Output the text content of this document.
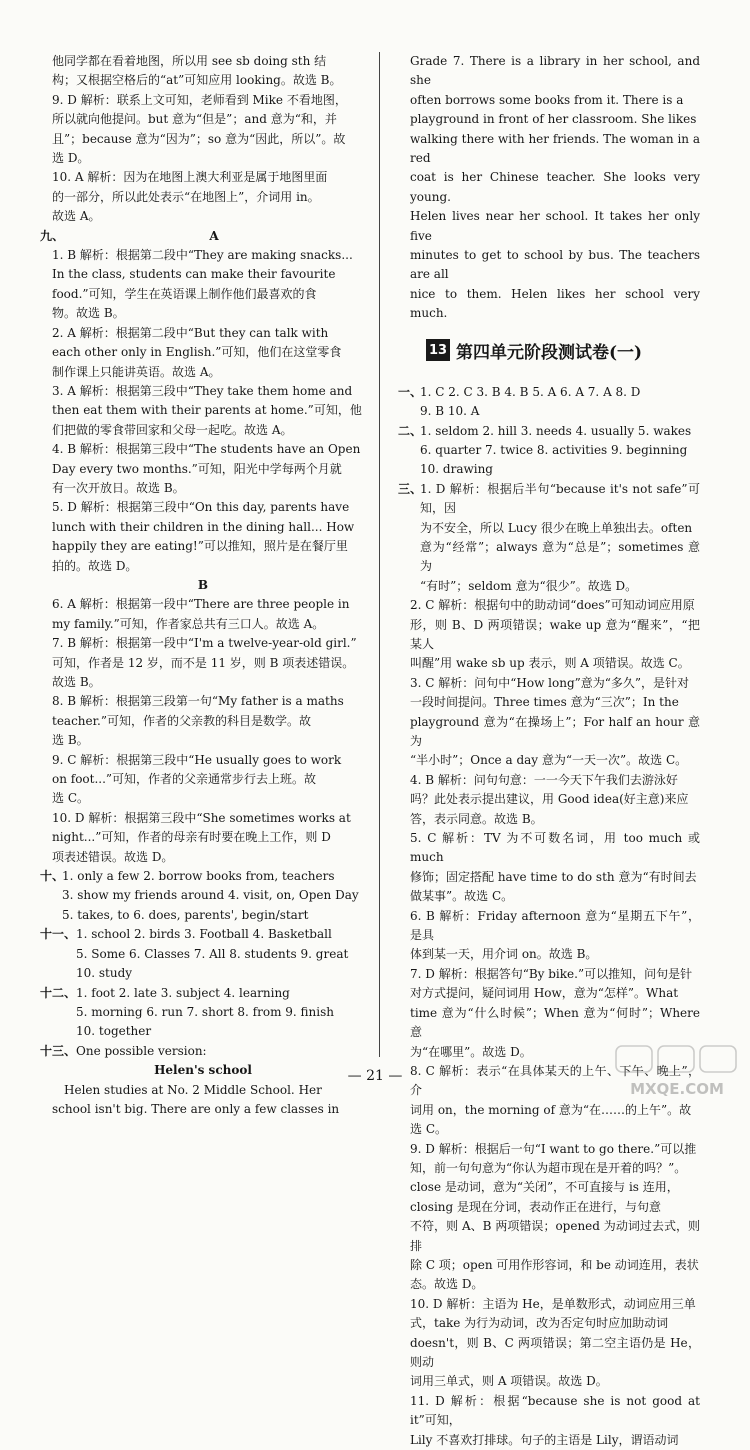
他同学都在看着地图，所以用 see sb doing sth 结

构；又根据空格后的“at”可知应用 looking。故选 B。

9. D 解析：联系上文可知，老师看到 Mike 不看地图，

所以就向他提问。but 意为“但是”；and 意为“和，并

且”；because 意为“因为”；so 意为“因此，所以”。故

选 D。

10. A 解析：因为在地图上澳大利亚是属于地图里面

的一部分，所以此处表示“在地图上”，介词用 in。

故选 A。

九、	A

1. B 解析：根据第二段中“They are making snacks...

In the class, students can make their favourite

food.”可知，学生在英语课上制作他们最喜欢的食

物。故选 B。

2. A 解析：根据第二段中“But they can talk with

each other only in English.”可知，他们在这堂零食

制作课上只能讲英语。故选 A。

3. A 解析：根据第三段中“They take them home and

then eat them with their parents at home.”可知，他

们把做的零食带回家和父母一起吃。故选 A。

4. B 解析：根据第三段中“The students have an Open

Day every two months.”可知，阳光中学每两个月就

有一次开放日。故选 B。

5. D 解析：根据第三段中“On this day, parents have

lunch with their children in the dining hall... How

happily they are eating!”可以推知，照片是在餐厅里

拍的。故选 D。

B

6. A 解析：根据第一段中“There are three people in

my family.”可知，作者家总共有三口人。故选 A。

7. B 解析：根据第一段中“I'm a twelve-year-old girl.”

可知，作者是 12 岁，而不是 11 岁，则 B 项表述错误。

故选 B。

8. B 解析：根据第三段第一句“My father is a maths

teacher.”可知，作者的父亲教的科目是数学。故

选 B。

9. C 解析：根据第三段中“He usually goes to work

on foot...”可知，作者的父亲通常步行去上班。故

选 C。

10. D 解析：根据第三段中“She sometimes works at

night...”可知，作者的母亲有时要在晚上工作，则 D

项表述错误。故选 D。

十、

1. only a few 2. borrow books from, teachers

3. show my friends around 4. visit, on, Open Day

5. takes, to 6. does, parents', begin/start

十一、 1. school 2. birds 3. Football 4. Basketball

5. Some 6. Classes 7. All 8. students 9. great

10. study

十二、 1. foot 2. late 3. subject 4. learning

5. morning 6. run 7. short 8. from 9. finish

10. together

十三、 One possible version:

Helen's school

Helen studies at No. 2 Middle School. Her

school isn't big. There are only a few classes in

Grade 7. There is a library in her school, and she

often borrows some books from it. There is a

playground in front of her classroom. She likes

walking there with her friends. The woman in a red

coat is her Chinese teacher. She looks very young.

Helen lives near her school. It takes her only five

minutes to get to school by bus. The teachers are all

nice to them. Helen likes her school very much.

13 第四单元阶段测试卷(一)
一、

1. C 2. C 3. B 4. B 5. A 6. A 7. A 8. D

9. B 10. A

二、

1. seldom 2. hill 3. needs 4. usually 5. wakes

6. quarter 7. twice 8. activities 9. beginning

10. drawing

三、

1. D 解析：根据后半句“because it's not safe”可知，因

为不安全，所以 Lucy 很少在晚上单独出去。often

意为“经常”；always 意为“总是”；sometimes 意为

“有时”；seldom 意为“很少”。故选 D。

2. C 解析：根据句中的助动词“does”可知动词应用原

形，则 B、D 两项错误；wake up 意为“醒来”，“把某人

叫醒”用 wake sb up 表示，则 A 项错误。故选 C。

3. C 解析：问句中“How long”意为“多久”，是针对

一段时间提问。Three times 意为“三次”；In the

playground 意为“在操场上”；For half an hour 意为

“半小时”；Once a day 意为“一天一次”。故选 C。

4. B 解析：问句句意：一一今天下午我们去游泳好

吗？此处表示提出建议，用 Good idea(好主意)来应

答，表示同意。故选 B。

5. C 解析：TV 为不可数名词，用 too much 或 much

修饰；固定搭配 have time to do sth 意为“有时间去

做某事”。故选 C。

6. B 解析：Friday afternoon 意为“星期五下午”，是具

体到某一天，用介词 on。故选 B。

7. D 解析：根据答句“By bike.”可以推知，问句是针

对方式提问，疑问词用 How，意为“怎样”。What

time 意为“什么时候”；When 意为“何时”；Where 意

为“在哪里”。故选 D。

8. C 解析：表示“在具体某天的上午、下午、晚上”，介

词用 on，the morning of 意为“在……的上午”。故

选 C。

9. D 解析：根据后一句“I want to go there.”可以推

知，前一句句意为“你认为超市现在是开着的吗？”。

close 是动词，意为“关闭”，不可直接与 is 连用，

closing 是现在分词，表动作正在进行，与句意

不符，则 A、B 两项错误；opened 为动词过去式，则排

除 C 项；open 可用作形容词，和 be 动词连用，表状

态。故选 D。

10. D 解析：主语为 He，是单数形式，动词应用三单

式，take 为行为动词，改为否定句时应加助动词

doesn't，则 B、C 两项错误；第二空主语仍是 He，则动

词用三单式，则 A 项错误。故选 D。

11. D 解析：根据“because she is not good at it”可知，

Lily 不喜欢打排球。句子的主语是 Lily，谓语动词

— 21 —
MXQE.COM
